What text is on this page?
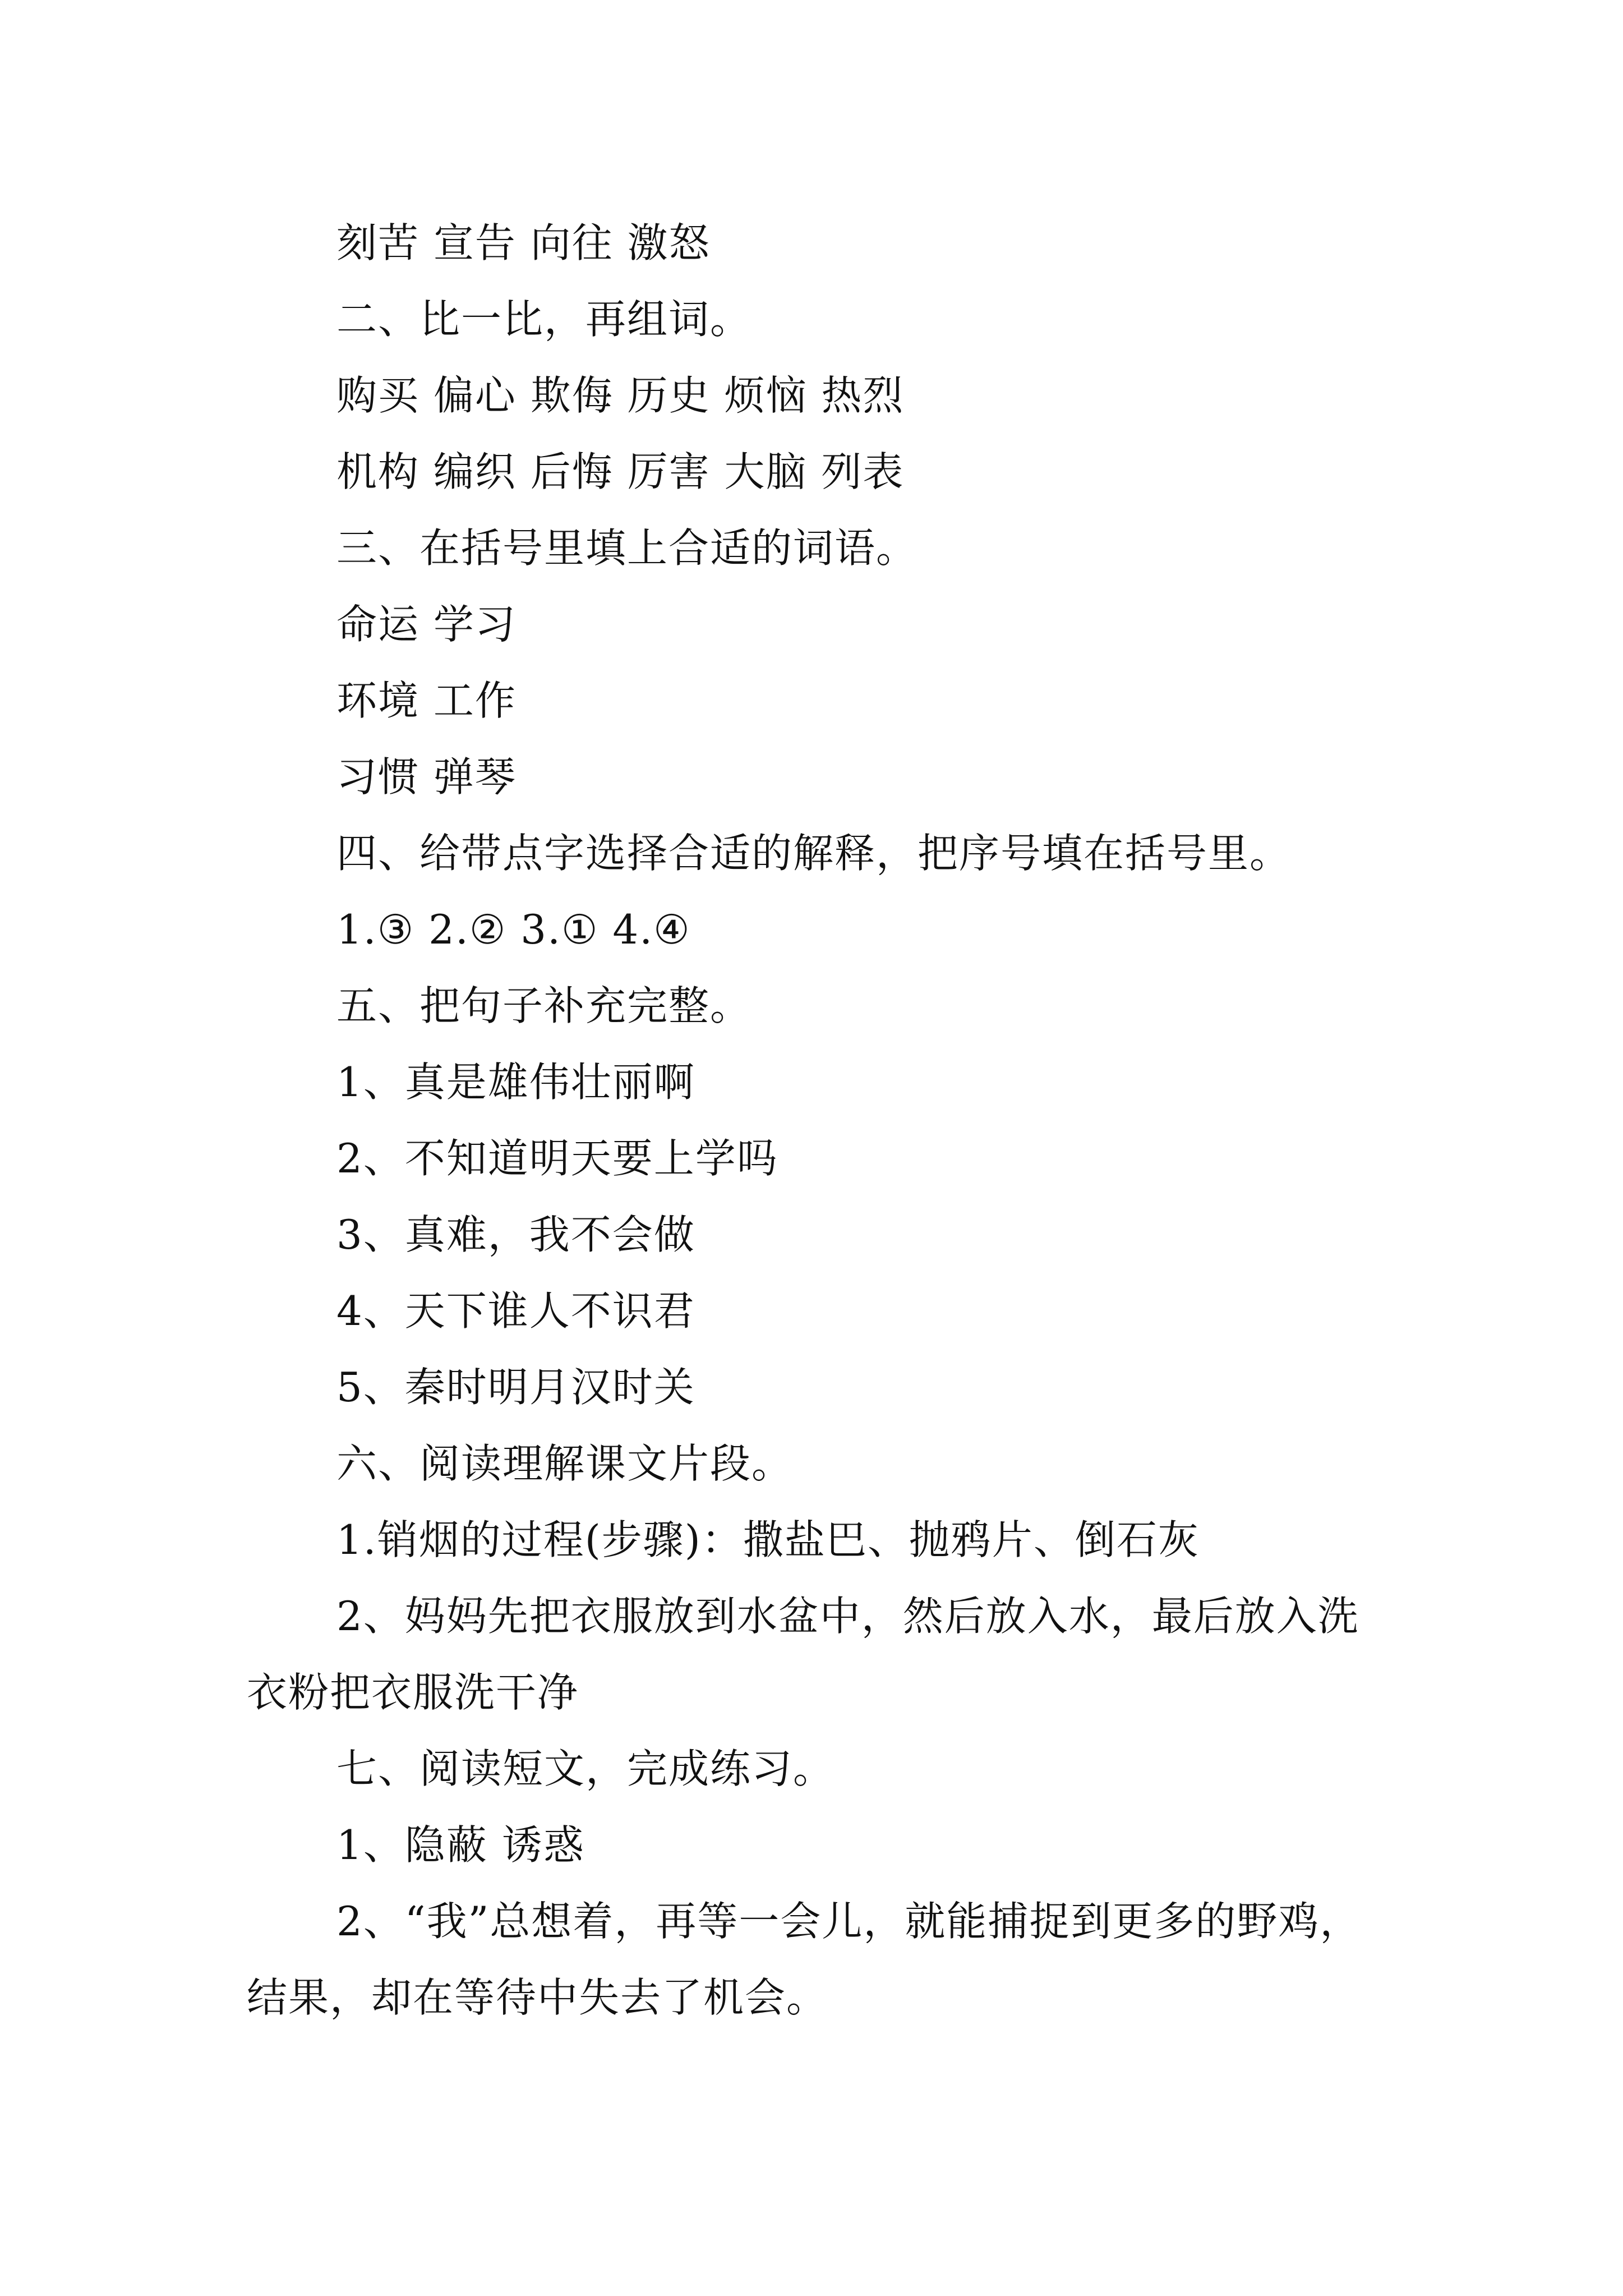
刻苦 宣告 向往 激怒

二、比一比，再组词。

购买 偏心 欺侮 历史 烦恼 热烈

机构 编织 后悔 厉害 大脑 列表

三、在括号里填上合适的词语。

命运 学习

环境 工作

习惯 弹琴

四、给带点字选择合适的解释，把序号填在括号里。

1.③ 2.② 3.① 4.④

五、把句子补充完整。

1、真是雄伟壮丽啊

2、不知道明天要上学吗

3、真难，我不会做

4、天下谁人不识君

5、秦时明月汉时关

六、阅读理解课文片段。

1.销烟的过程(步骤)：撒盐巴、抛鸦片、倒石灰

2、妈妈先把衣服放到水盆中，然后放入水，最后放入洗衣粉把衣服洗干净

七、阅读短文，完成练习。

1、隐蔽 诱惑

2、“我”总想着，再等一会儿，就能捕捉到更多的野鸡，结果，却在等待中失去了机会。
